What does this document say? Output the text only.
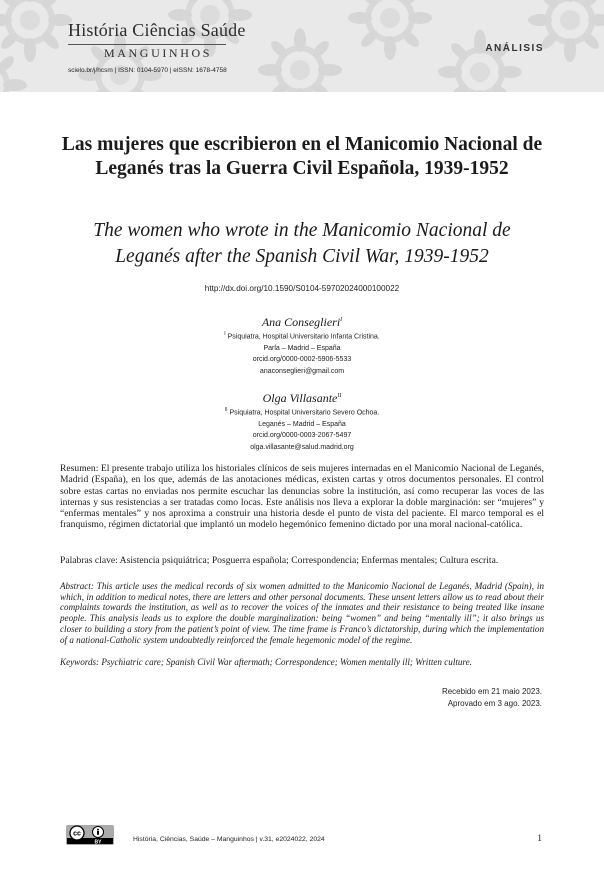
História Ciências Saúde
MANGUINHOS
scielo.br/j/hcsm | ISSN: 0104-5970 | eISSN: 1678-4758
ANÁLISIS
Las mujeres que escribieron en el Manicomio Nacional de Leganés tras la Guerra Civil Española, 1939-1952
The women who wrote in the Manicomio Nacional de Leganés after the Spanish Civil War, 1939-1952
http://dx.doi.org/10.1590/S0104-59702024000100022
Ana Conseglieri$^I$
$^I$ Psiquiatra, Hospital Universitario Infanta Cristina.
Parla – Madrid – España
orcid.org/0000-0002-5906-5533
anaconseglieri@gmail.com
Olga Villasante$^{II}$
$^{II}$ Psiquiatra, Hospital Universitario Severo Ochoa.
Leganés – Madrid – España
orcid.org/0000-0003-2067-5497
olga.villasante@salud.madrid.org
Resumen: El presente trabajo utiliza los historiales clínicos de seis mujeres internadas en el Manicomio Nacional de Leganés, Madrid (España), en los que, además de las anotaciones médicas, existen cartas y otros documentos personales. El control sobre estas cartas no enviadas nos permite escuchar las denuncias sobre la institución, así como recuperar las voces de las internas y sus resistencias a ser tratadas como locas. Este análisis nos lleva a explorar la doble marginación: ser “mujeres” y “enfermas mentales” y nos aproxima a construir una historia desde el punto de vista del paciente. El marco temporal es el franquismo, régimen dictatorial que implantó un modelo hegemónico femenino dictado por una moral nacional-católica.
Palabras clave: Asistencia psiquiátrica; Posguerra española; Correspondencia; Enfermas mentales; Cultura escrita.
Abstract: This article uses the medical records of six women admitted to the Manicomio Nacional de Leganés, Madrid (Spain), in which, in addition to medical notes, there are letters and other personal documents. These unsent letters allow us to read about their complaints towards the institution, as well as to recover the voices of the inmates and their resistance to being treated like insane people. This analysis leads us to explore the double marginalization: being “women” and being “mentally ill”; it also brings us closer to building a story from the patient’s point of view. The time frame is Franco’s dictatorship, during which the implementation of a national-Catholic system undoubtedly reinforced the female hegemonic model of the regime.
Keywords: Psychiatric care; Spanish Civil War aftermath; Correspondence; Women mentally ill; Written culture.
Recebido em 21 maio 2023.
Aprovado em 3 ago. 2023.
cc
BY	História, Ciências, Saúde – Manguinhos | v.31, e2024022, 2024	1
